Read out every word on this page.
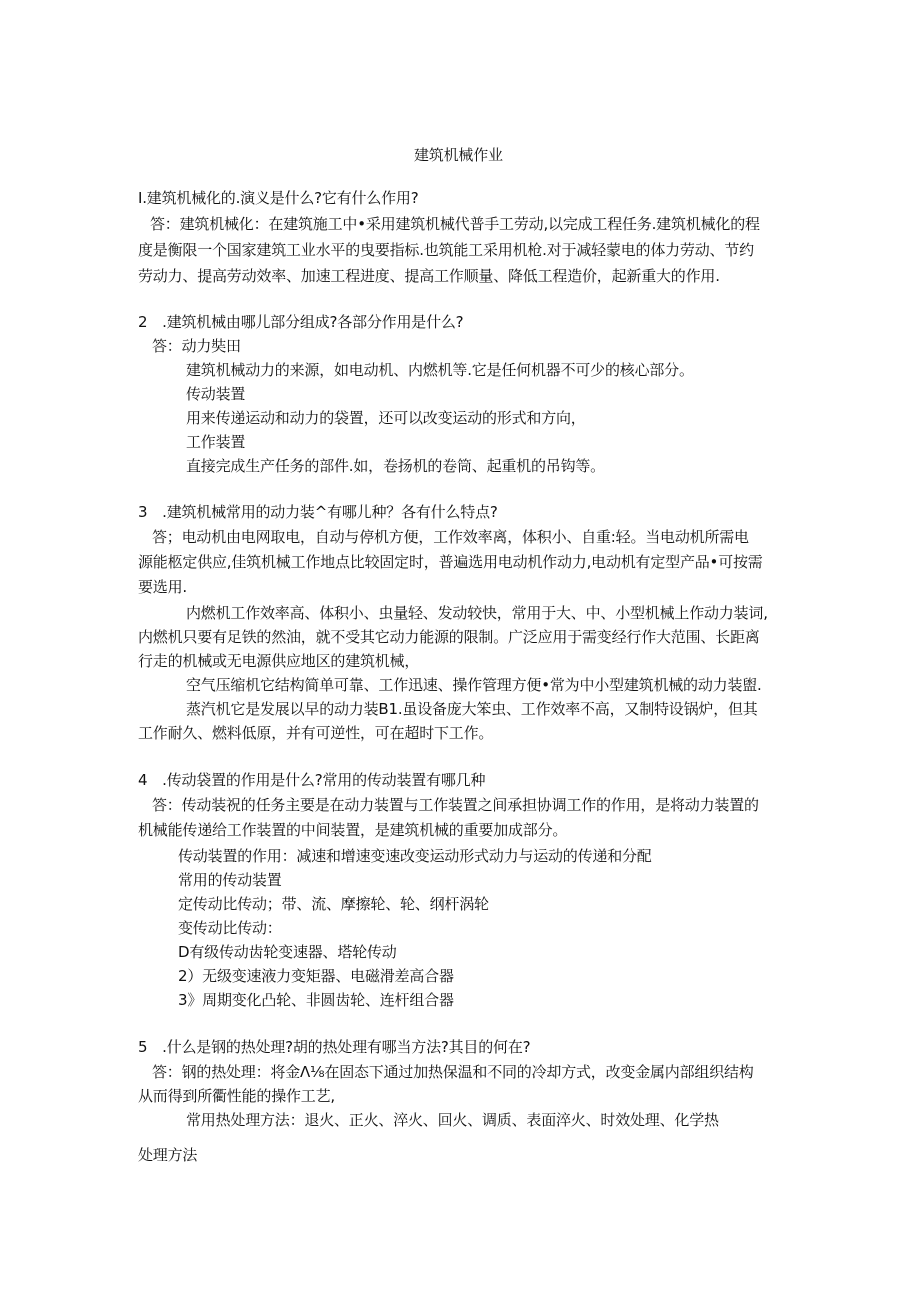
建筑机械作业
I.建筑机械化的.演义是什么?它有什么作用?
答：建筑机械化：在建筑施工中•采用建筑机械代普手工劳动,以完成工程任务.建筑机械化的程
度是衡限一个国家建筑工业水平的曳要指标.也筑能工采用机枪.对于减轻蒙电的体力劳动、节约
劳动力、提高劳动效率、加速工程进度、提高工作顺量、降低工程造价，起新重大的作用.
2　.建筑机械由哪儿部分组成?各部分作用是什么?
答：动力奘田
建筑机械动力的来源，如电动机、内燃机等.它是任何机器不可少的核心部分。
传动装置
用来传递运动和动力的袋置，还可以改变运动的形式和方向，
工作装置
直接完成生产任务的部件.如，卷扬机的卷筒、起重机的吊钩等。
3　.建筑机械常用的动力装^有哪儿种？各有什么特点?
答；电动机由电网取电，自动与停机方便，工作效率离，体积小、自重:轻。当电动机所需电
源能柩定供应,佳筑机械工作地点比较固定时，普遍选用电动机作动力,电动机有定型产品•可按需
要选用.
内燃机工作效率高、体积小、虫量轻、发动较快，常用于大、中、小型机械上作动力装词,
内燃机只要有足铁的然油，就不受其它动力能源的限制。广泛应用于需变经行作大范围、长距离
行走的机械或无电源供应地区的建筑机械，
空气压缩机它结构简单可靠、工作迅速、操作管理方便•常为中小型建筑机械的动力装盥.
蒸汽机它是发展以早的动力装B1.虽设备庞大笨虫、工作效率不高，又制特设锅炉，但其
工作耐久、燃料低原，并有可逆性，可在超时下工作。
4　.传动袋置的作用是什么?常用的传动装置有哪几种
答：传动装祝的任务主要是在动力装置与工作装置之间承担协调工作的作用，是将动力装置的
机械能传递给工作装置的中间装置，是建筑机械的重要加成部分。
传动装置的作用：减速和增速变速改变运动形式动力与运动的传递和分配
常用的传动装置
定传动比传动；带、流、摩擦轮、轮、纲杆涡轮
变传动比传动：
D有级传动齿轮变速器、塔轮传动
2）无级变速液力变矩器、电磁滑差高合器
3》周期变化凸轮、非圆齿轮、连杆组合器
5　.什么是钢的热处理?胡的热处理有哪当方法?其目的何在?
答：钢的热处理：将金Λ⅛在固态下通过加热保温和不同的冷却方式，改变金属内部组织结构
从而得到所衢性能的操作工艺,
常用热处理方法：退火、正火、淬火、回火、调质、表面淬火、时效处理、化学热
处理方法
